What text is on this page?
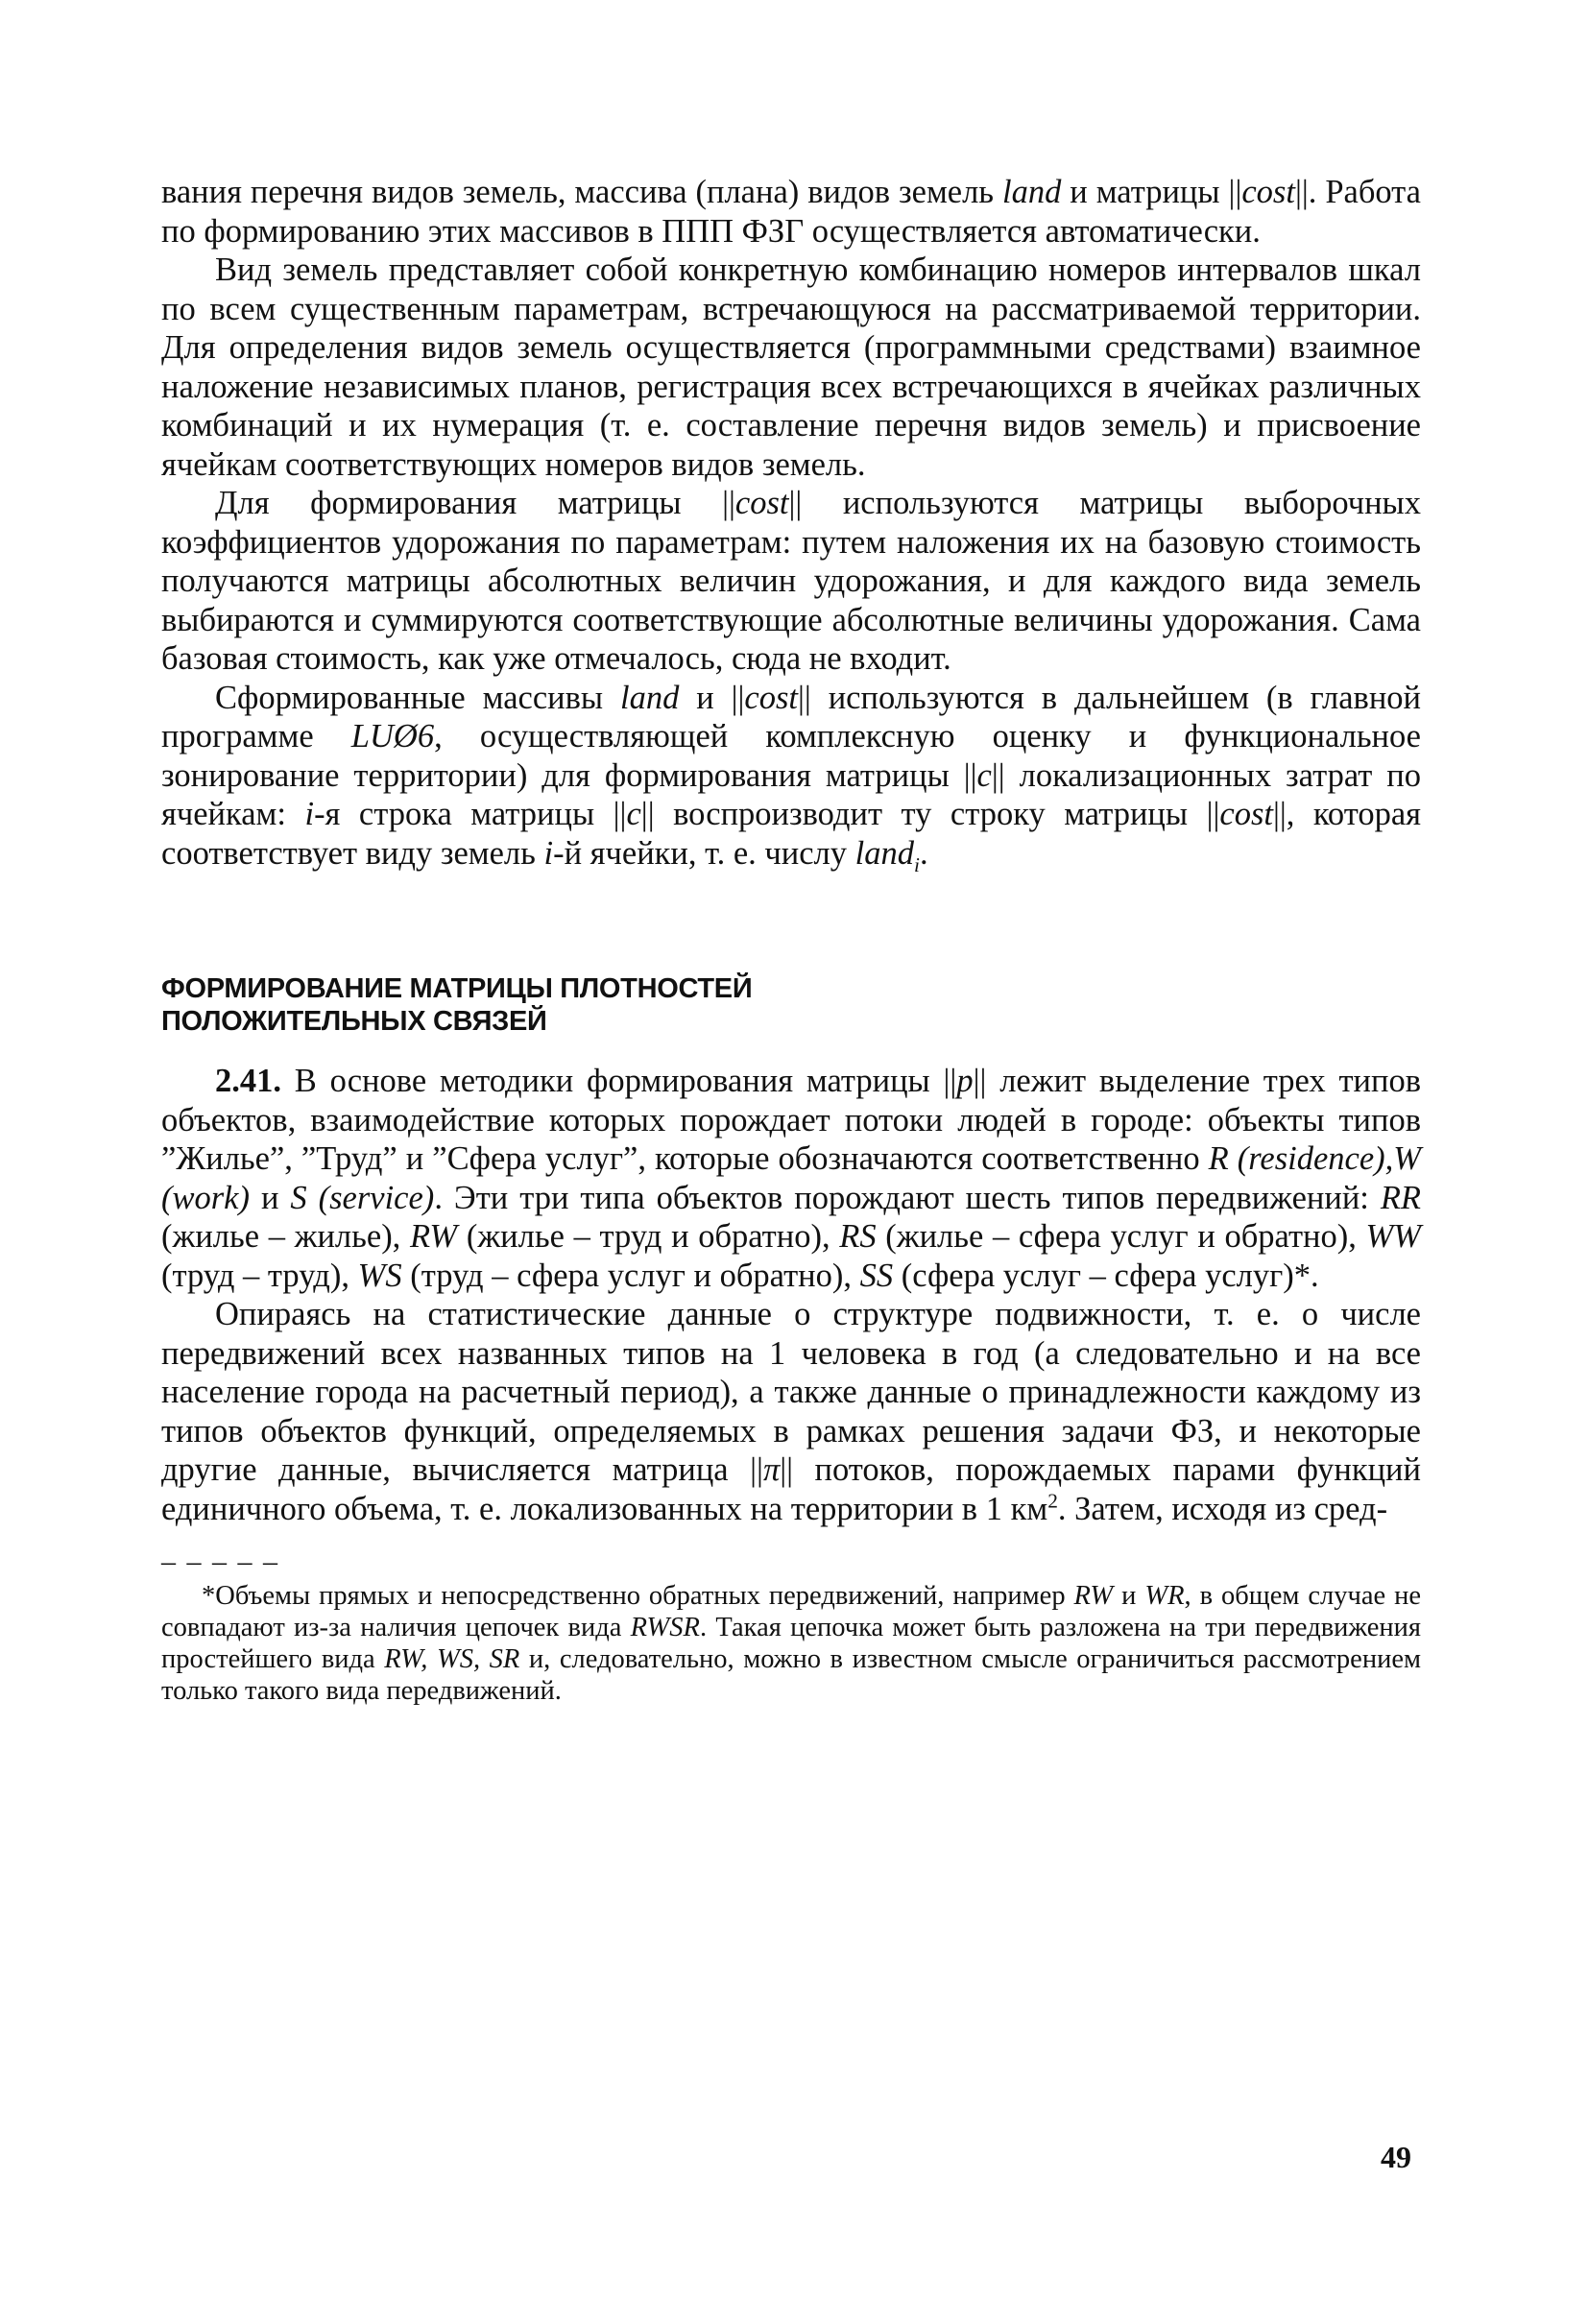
вания перечня видов земель, массива (плана) видов земель land и матрицы ||cost||. Работа по формированию этих массивов в ППП ФЗГ осуществляется автоматически.

Вид земель представляет собой конкретную комбинацию номеров интервалов шкал по всем существенным параметрам, встречающуюся на рассматриваемой территории. Для определения видов земель осуществляется (программными средствами) взаимное наложение независимых планов, регистрация всех встречающихся в ячейках различных комбинаций и их нумерация (т. е. составление перечня видов земель) и присвоение ячейкам соответствующих номеров видов земель.

Для формирования матрицы ||cost|| используются матрицы выборочных коэффициентов удорожания по параметрам: путем наложения их на базовую стоимость получаются матрицы абсолютных величин удорожания, и для каждого вида земель выбираются и суммируются соответствующие абсолютные величины удорожания. Сама базовая стоимость, как уже отмечалось, сюда не входит.

Сформированные массивы land и ||cost|| используются в дальнейшем (в главной программе LUØ6, осуществляющей комплексную оценку и функциональное зонирование территории) для формирования матрицы ||c|| локализационных затрат по ячейкам: i-я строка матрицы ||c|| воспроизводит ту строку матрицы ||cost||, которая соответствует виду земель i-й ячейки, т. е. числу land$_i$.

ФОРМИРОВАНИЕ МАТРИЦЫ ПЛОТНОСТЕЙ
ПОЛОЖИТЕЛЬНЫХ СВЯЗЕЙ

2.41. В основе методики формирования матрицы ||p|| лежит выделение трех типов объектов, взаимодействие которых порождает потоки людей в городе: объекты типов ”Жилье”, ”Труд” и ”Сфера услуг”, которые обозначаются соответственно R (residence),W (work) и S (service). Эти три типа объектов порождают шесть типов передвижений: RR (жилье – жилье), RW (жилье – труд и обратно), RS (жилье – сфера услуг и обратно), WW (труд – труд), WS (труд – сфера услуг и обратно), SS (сфера услуг – сфера услуг)*.

Опираясь на статистические данные о структуре подвижности, т. е. о числе передвижений всех названных типов на 1 человека в год (а следовательно и на все население города на расчетный период), а также данные о принадлежности каждому из типов объектов функций, определяемых в рамках решения задачи ФЗ, и некоторые другие данные, вычисляется матрица ||π|| потоков, порождаемых парами функций единичного объема, т. е. локализованных на территории в 1 $км^2$. Затем, исходя из сред-

– – – – –

*Объемы прямых и непосредственно обратных передвижений, например RW и WR, в общем случае не совпадают из-за наличия цепочек вида RWSR. Такая цепочка может быть разложена на три передвижения простейшего вида RW, WS, SR и, следовательно, можно в известном смысле ограничиться рассмотрением только такого вида передвижений.

49
